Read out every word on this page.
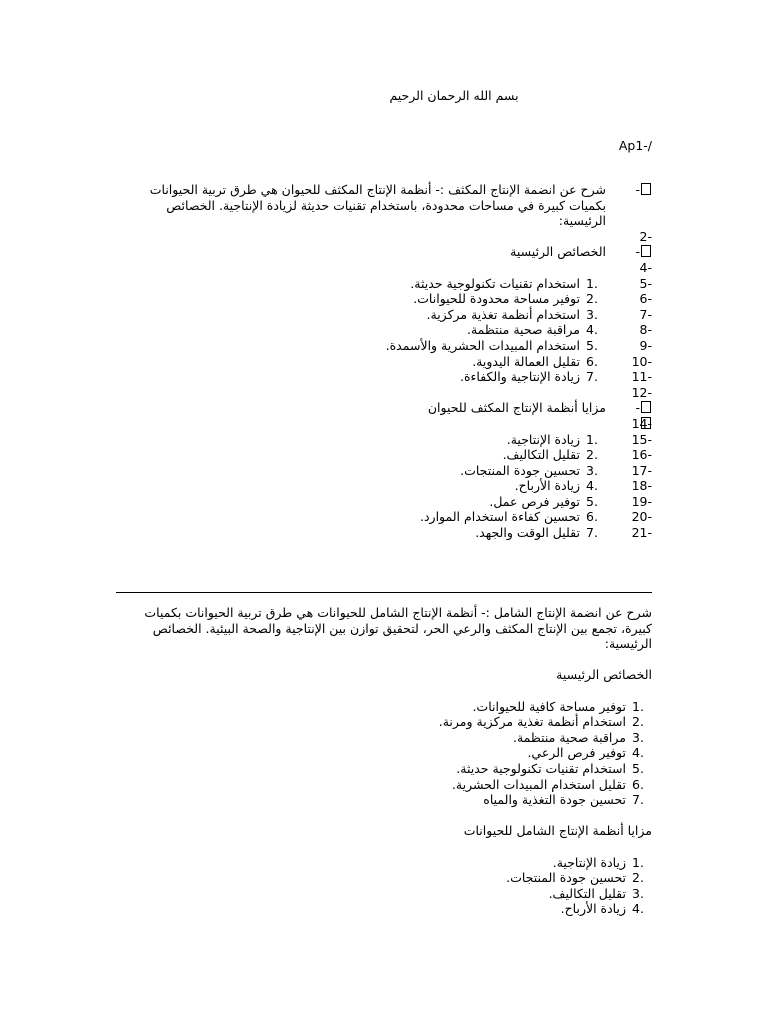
بسم الله الرحمان الرحيم
Ap1-/
-
شرح عن انضمة الإنتاج المكثف :- أنظمة الإنتاج المكثف للحيوان هي طرق تربية الحيوانات بكميات كبيرة في مساحات محدودة، باستخدام تقنيات حديثة لزيادة الإنتاجية. الخصائص الرئيسية:
2-
-
الخصائص الرئيسية
4-
5-
1.
استخدام تقنيات تكنولوجية حديثة.
6-
2.
توفير مساحة محدودة للحيوانات.
7-
3.
استخدام أنظمة تغذية مركزية.
8-
4.
مراقبة صحية منتظمة.
9-
5.
استخدام المبيدات الحشرية والأسمدة.
10-
6.
تقليل العمالة اليدوية.
11-
7.
زيادة الإنتاجية والكفاءة.
12-
-
مزايا أنظمة الإنتاج المكثف للحيوان
14-
15-
1.
زيادة الإنتاجية.
16-
2.
تقليل التكاليف.
17-
3.
تحسين جودة المنتجات.
18-
4.
زيادة الأرباح.
19-
5.
توفير فرص عمل.
20-
6.
تحسين كفاءة استخدام الموارد.
21-
7.
تقليل الوقت والجهد.
شرح عن انضمة الإنتاج الشامل :- أنظمة الإنتاج الشامل للحيوانات هي طرق تربية الحيوانات بكميات كبيرة، تجمع بين الإنتاج المكثف والرعي الحر، لتحقيق توازن بين الإنتاجية والصحة البيئية. الخصائص الرئيسية:
الخصائص الرئيسية
1.
توفير مساحة كافية للحيوانات.
2.
استخدام أنظمة تغذية مركزية ومرنة.
3.
مراقبة صحية منتظمة.
4.
توفير فرص الرعي.
5.
استخدام تقنيات تكنولوجية حديثة.
6.
تقليل استخدام المبيدات الحشرية.
7.
تحسين جودة التغذية والمياه
مزايا أنظمة الإنتاج الشامل للحيوانات
1.
زيادة الإنتاجية.
2.
تحسين جودة المنتجات.
3.
تقليل التكاليف.
4.
زيادة الأرباح.
